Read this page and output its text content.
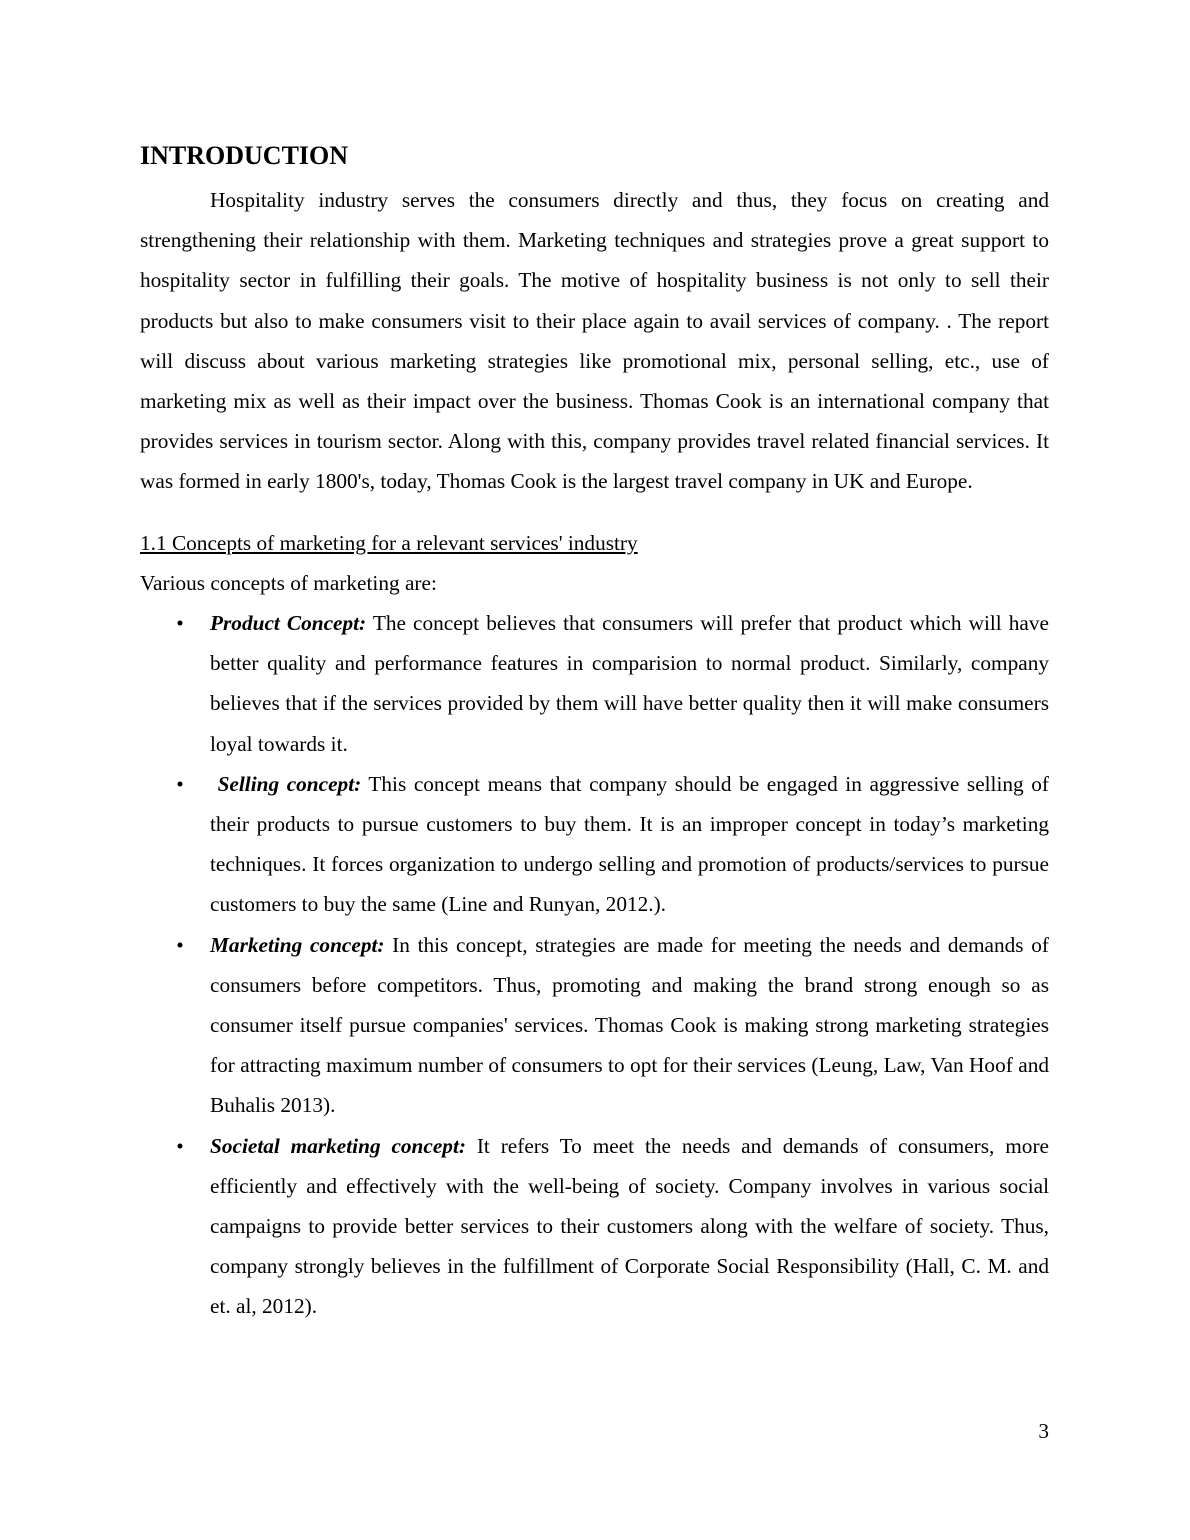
INTRODUCTION

Hospitality industry serves the consumers directly and thus, they focus on creating and strengthening their relationship with them. Marketing techniques and strategies prove a great support to hospitality sector in fulfilling their goals. The motive of hospitality business is not only to sell their products but also to make consumers visit to their place again to avail services of company. . The report will discuss about various marketing strategies like promotional mix, personal selling, etc., use of marketing mix as well as their impact over the business. Thomas Cook is an international company that provides services in tourism sector. Along with this, company provides travel related financial services. It was formed in early 1800's, today, Thomas Cook is the largest travel company in UK and Europe.

1.1 Concepts of marketing for a relevant services' industry

Various concepts of marketing are:

• Product Concept: The concept believes that consumers will prefer that product which will have better quality and performance features in comparision to normal product. Similarly, company believes that if the services provided by them will have better quality then it will make consumers loyal towards it.
• Selling concept: This concept means that company should be engaged in aggressive selling of their products to pursue customers to buy them. It is an improper concept in today’s marketing techniques. It forces organization to undergo selling and promotion of products/services to pursue customers to buy the same (Line and Runyan, 2012.).
• Marketing concept: In this concept, strategies are made for meeting the needs and demands of consumers before competitors. Thus, promoting and making the brand strong enough so as consumer itself pursue companies' services. Thomas Cook is making strong marketing strategies for attracting maximum number of consumers to opt for their services (Leung, Law, Van Hoof and Buhalis 2013).
• Societal marketing concept: It refers To meet the needs and demands of consumers, more efficiently and effectively with the well-being of society. Company involves in various social campaigns to provide better services to their customers along with the welfare of society. Thus, company strongly believes in the fulfillment of Corporate Social Responsibility (Hall, C. M. and et. al, 2012).
3
